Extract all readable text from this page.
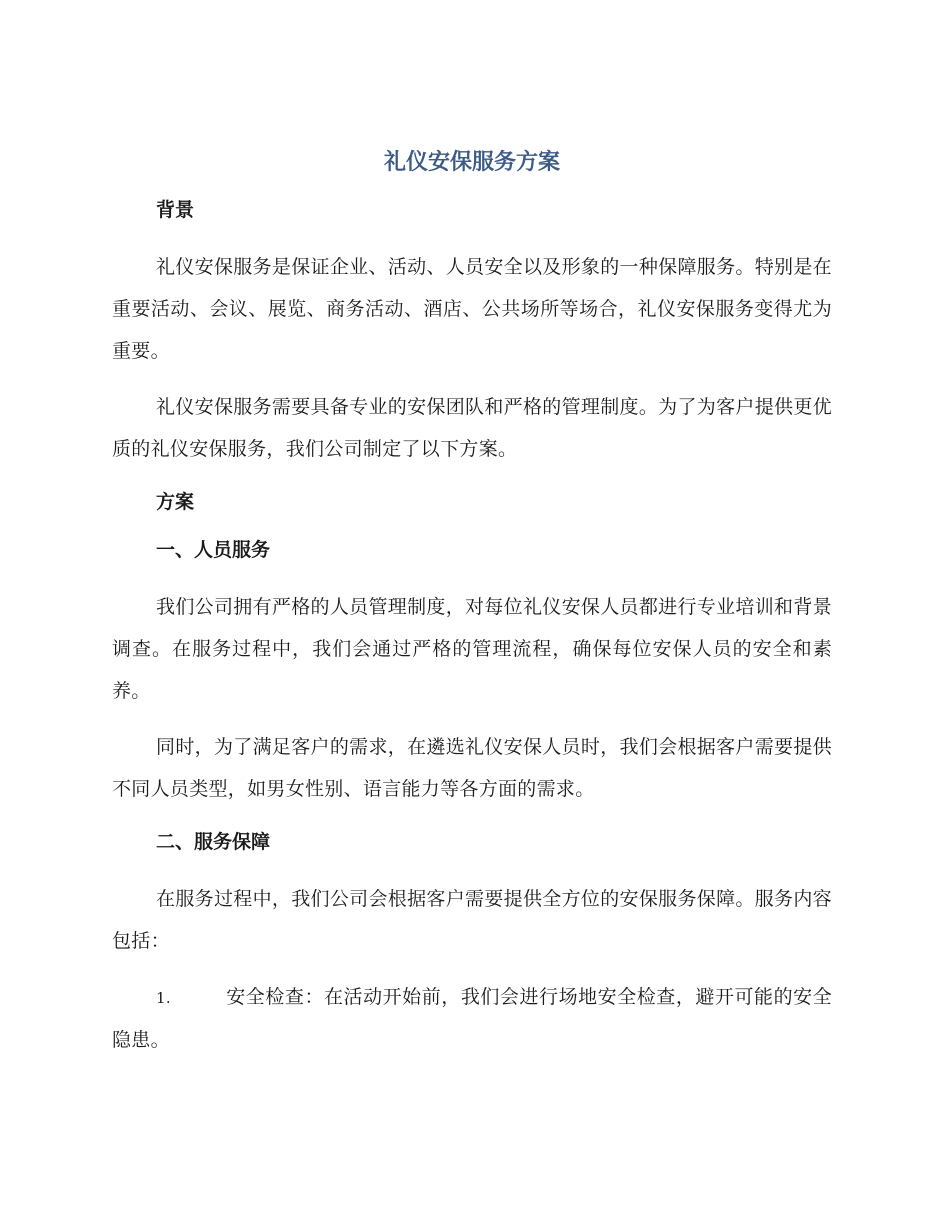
礼仪安保服务方案
背景

礼仪安保服务是保证企业、活动、人员安全以及形象的一种保障服务。特别是在重要活动、会议、展览、商务活动、酒店、公共场所等场合，礼仪安保服务变得尤为重要。

礼仪安保服务需要具备专业的安保团队和严格的管理制度。为了为客户提供更优质的礼仪安保服务，我们公司制定了以下方案。

方案
一、人员服务

我们公司拥有严格的人员管理制度，对每位礼仪安保人员都进行专业培训和背景调查。在服务过程中，我们会通过严格的管理流程，确保每位安保人员的安全和素养。

同时，为了满足客户的需求，在遴选礼仪安保人员时，我们会根据客户需要提供不同人员类型，如男女性别、语言能力等各方面的需求。

二、服务保障

在服务过程中，我们公司会根据客户需要提供全方位的安保服务保障。服务内容包括：

1.	安全检查：在活动开始前，我们会进行场地安全检查，避开可能的安全隐患。
